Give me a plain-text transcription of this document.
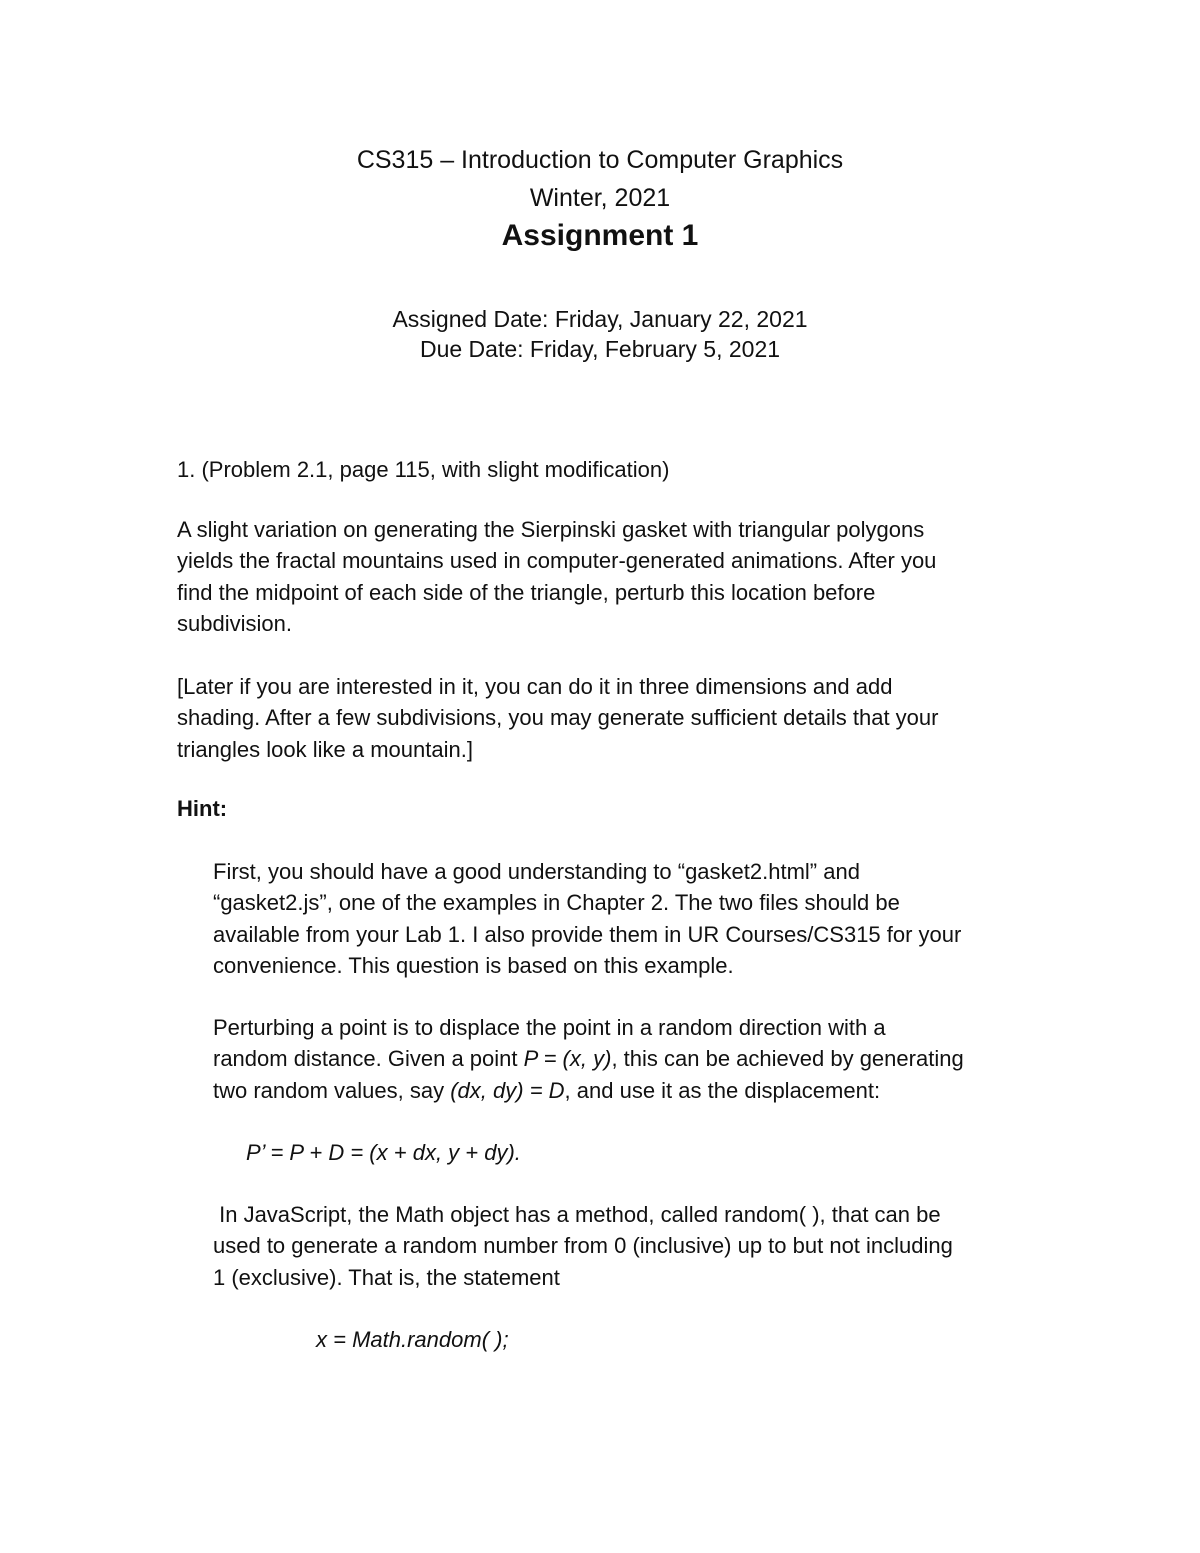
CS315 – Introduction to Computer Graphics
Winter, 2021
Assignment 1
Assigned Date: Friday, January 22, 2021
Due Date: Friday, February 5, 2021
1. (Problem 2.1, page 115, with slight modification)
A slight variation on generating the Sierpinski gasket with triangular polygons
yields the fractal mountains used in computer-generated animations. After you
find the midpoint of each side of the triangle, perturb this location before
subdivision.
[Later if you are interested in it, you can do it in three dimensions and add
shading. After a few subdivisions, you may generate sufficient details that your
triangles look like a mountain.]
Hint:
First, you should have a good understanding to “gasket2.html” and
“gasket2.js”, one of the examples in Chapter 2. The two files should be
available from your Lab 1. I also provide them in UR Courses/CS315 for your
convenience. This question is based on this example.
Perturbing a point is to displace the point in a random direction with a
random distance. Given a point P = (x, y), this can be achieved by generating
two random values, say (dx, dy) = D, and use it as the displacement:
P’ = P + D = (x + dx, y + dy).
In JavaScript, the Math object has a method, called random( ), that can be
used to generate a random number from 0 (inclusive) up to but not including
1 (exclusive). That is, the statement
x = Math.random( );
